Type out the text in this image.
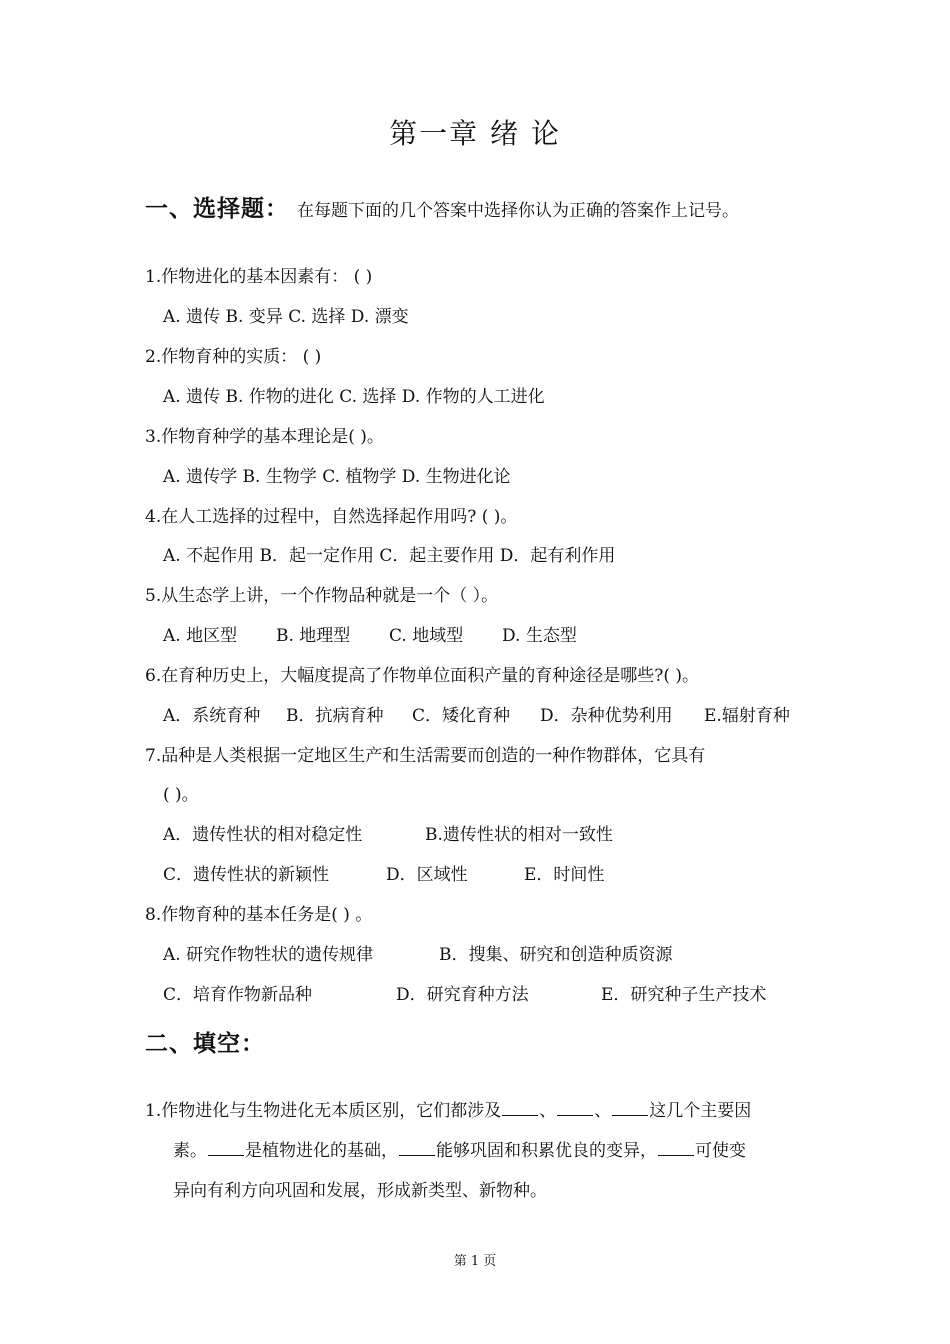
第一章 绪 论
一、选择题： 在每题下面的几个答案中选择你认为正确的答案作上记号。
1.作物进化的基本因素有： ( )
A. 遗传 B. 变异 C. 选择 D. 漂变
2.作物育种的实质： ( )
A. 遗传 B. 作物的进化 C. 选择 D. 作物的人工进化
3.作物育种学的基本理论是( )。
A. 遗传学 B. 生物学 C. 植物学 D. 生物进化论
4.在人工选择的过程中，自然选择起作用吗? ( )。
A. 不起作用 B．起一定作用 C．起主要作用 D．起有利作用
5.从生态学上讲，一个作物品种就是一个（ ）。
A. 地区型 B. 地理型 C. 地域型 D. 生态型
6.在育种历史上，大幅度提高了作物单位面积产量的育种途径是哪些?( )。
A．系统育种 B．抗病育种 C．矮化育种 D．杂种优势利用 E.辐射育种
7.品种是人类根据一定地区生产和生活需要而创造的一种作物群体，它具有
( )。
A．遗传性状的相对稳定性	B.遗传性状的相对一致性
C．遗传性状的新颖性	D．区域性	E．时间性
8.作物育种的基本任务是( ) 。
A. 研究作物牲状的遗传规律	B．搜集、研究和创造种质资源
C．培育作物新品种	D．研究育种方法	E．研究种子生产技术
二、填空：
1.作物进化与生物进化无本质区别，它们都涉及 、 、 这几个主要因
素。 是植物进化的基础， 能够巩固和积累优良的变异， 可使变
异向有利方向巩固和发展，形成新类型、新物种。
第 1 页
